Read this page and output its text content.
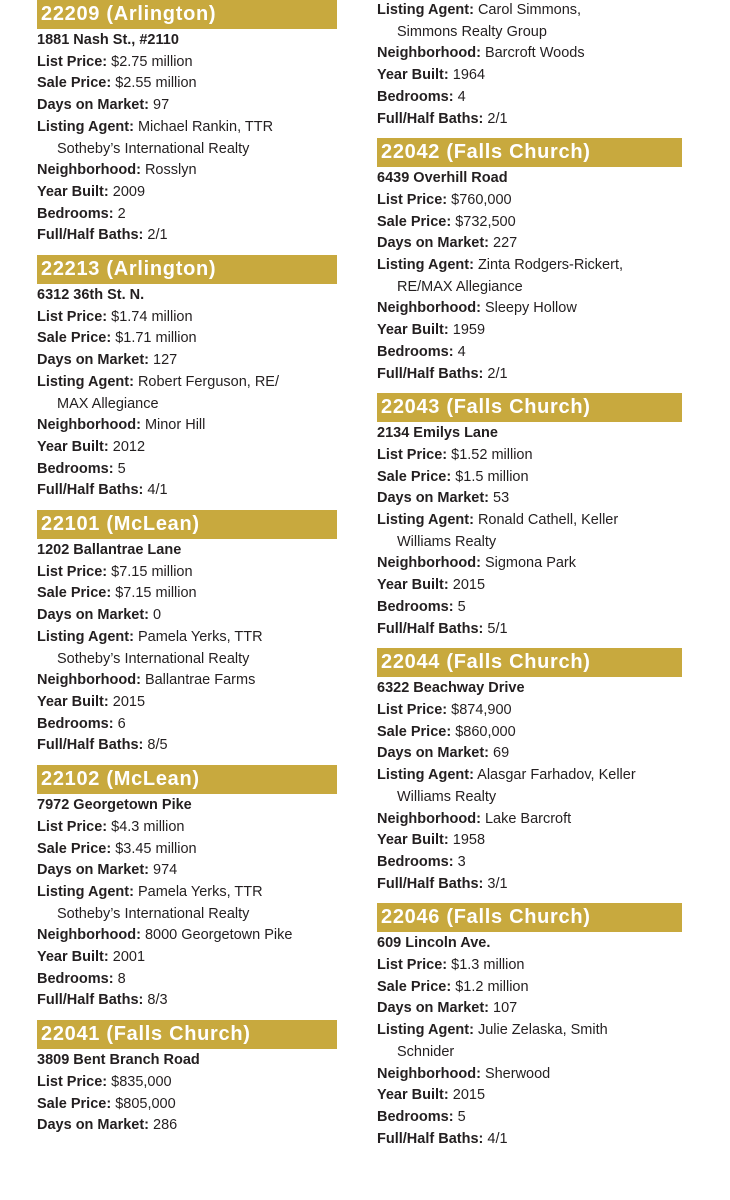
22209 (Arlington)
1881 Nash St., #2110
List Price: $2.75 million
Sale Price: $2.55 million
Days on Market: 97
Listing Agent: Michael Rankin, TTR
Sotheby’s International Realty
Neighborhood: Rosslyn
Year Built: 2009
Bedrooms: 2
Full/Half Baths: 2/1
22213 (Arlington)
6312 36th St. N.
List Price: $1.74 million
Sale Price: $1.71 million
Days on Market: 127
Listing Agent: Robert Ferguson, RE/
MAX Allegiance
Neighborhood: Minor Hill
Year Built: 2012
Bedrooms: 5
Full/Half Baths: 4/1
22101 (McLean)
1202 Ballantrae Lane
List Price: $7.15 million
Sale Price: $7.15 million
Days on Market: 0
Listing Agent: Pamela Yerks, TTR
Sotheby’s International Realty
Neighborhood: Ballantrae Farms
Year Built: 2015
Bedrooms: 6
Full/Half Baths: 8/5
22102 (McLean)
7972 Georgetown Pike
List Price: $4.3 million
Sale Price: $3.45 million
Days on Market: 974
Listing Agent: Pamela Yerks, TTR
Sotheby’s International Realty
Neighborhood: 8000 Georgetown Pike
Year Built: 2001
Bedrooms: 8
Full/Half Baths: 8/3
22041 (Falls Church)
3809 Bent Branch Road
List Price: $835,000
Sale Price: $805,000
Days on Market: 286
Listing Agent: Carol Simmons,
Simmons Realty Group
Neighborhood: Barcroft Woods
Year Built: 1964
Bedrooms: 4
Full/Half Baths: 2/1
22042 (Falls Church)
6439 Overhill Road
List Price: $760,000
Sale Price: $732,500
Days on Market: 227
Listing Agent: Zinta Rodgers-Rickert,
RE/MAX Allegiance
Neighborhood: Sleepy Hollow
Year Built: 1959
Bedrooms: 4
Full/Half Baths: 2/1
22043 (Falls Church)
2134 Emilys Lane
List Price: $1.52 million
Sale Price: $1.5 million
Days on Market: 53
Listing Agent: Ronald Cathell, Keller
Williams Realty
Neighborhood: Sigmona Park
Year Built: 2015
Bedrooms: 5
Full/Half Baths: 5/1
22044 (Falls Church)
6322 Beachway Drive
List Price: $874,900
Sale Price: $860,000
Days on Market: 69
Listing Agent: Alasgar Farhadov, Keller
Williams Realty
Neighborhood: Lake Barcroft
Year Built: 1958
Bedrooms: 3
Full/Half Baths: 3/1
22046 (Falls Church)
609 Lincoln Ave.
List Price: $1.3 million
Sale Price: $1.2 million
Days on Market: 107
Listing Agent: Julie Zelaska, Smith
Schnider
Neighborhood: Sherwood
Year Built: 2015
Bedrooms: 5
Full/Half Baths: 4/1
